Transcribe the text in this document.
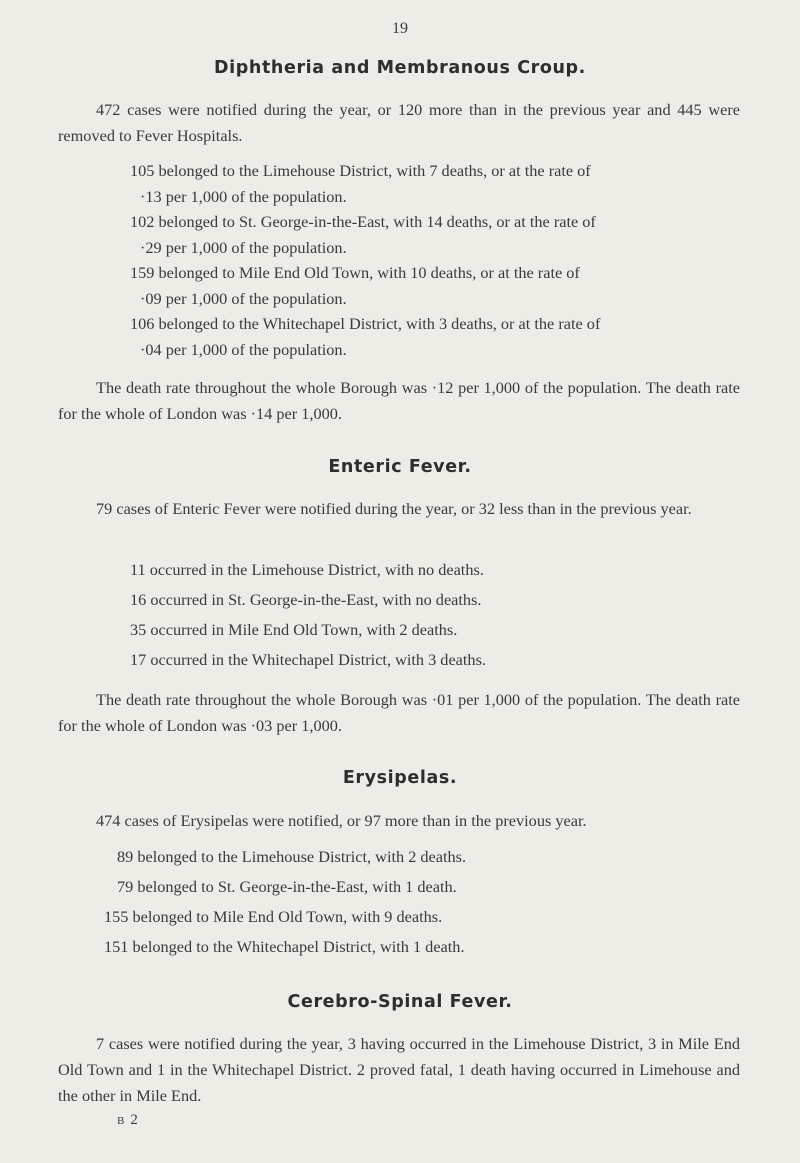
19
Diphtheria and Membranous Croup.
472 cases were notified during the year, or 120 more than in the previous year and 445 were removed to Fever Hospitals.
105 belonged to the Limehouse District, with 7 deaths, or at the rate of
·13 per 1,000 of the population.
102 belonged to St. George-in-the-East, with 14 deaths, or at the rate of
·29 per 1,000 of the population.
159 belonged to Mile End Old Town, with 10 deaths, or at the rate of
·09 per 1,000 of the population.
106 belonged to the Whitechapel District, with 3 deaths, or at the rate of
·04 per 1,000 of the population.
The death rate throughout the whole Borough was ·12 per 1,000 of the population. The death rate for the whole of London was ·14 per 1,000.
Enteric Fever.
79 cases of Enteric Fever were notified during the year, or 32 less than in the previous year.
11 occurred in the Limehouse District, with no deaths.
16 occurred in St. George-in-the-East, with no deaths.
35 occurred in Mile End Old Town, with 2 deaths.
17 occurred in the Whitechapel District, with 3 deaths.
The death rate throughout the whole Borough was ·01 per 1,000 of the population. The death rate for the whole of London was ·03 per 1,000.
Erysipelas.
474 cases of Erysipelas were notified, or 97 more than in the previous year.
89 belonged to the Limehouse District, with 2 deaths.
79 belonged to St. George-in-the-East, with 1 death.
155 belonged to Mile End Old Town, with 9 deaths.
151 belonged to the Whitechapel District, with 1 death.
Cerebro-Spinal Fever.
7 cases were notified during the year, 3 having occurred in the Limehouse District, 3 in Mile End Old Town and 1 in the Whitechapel District. 2 proved fatal, 1 death having occurred in Limehouse and the other in Mile End.
B 2
